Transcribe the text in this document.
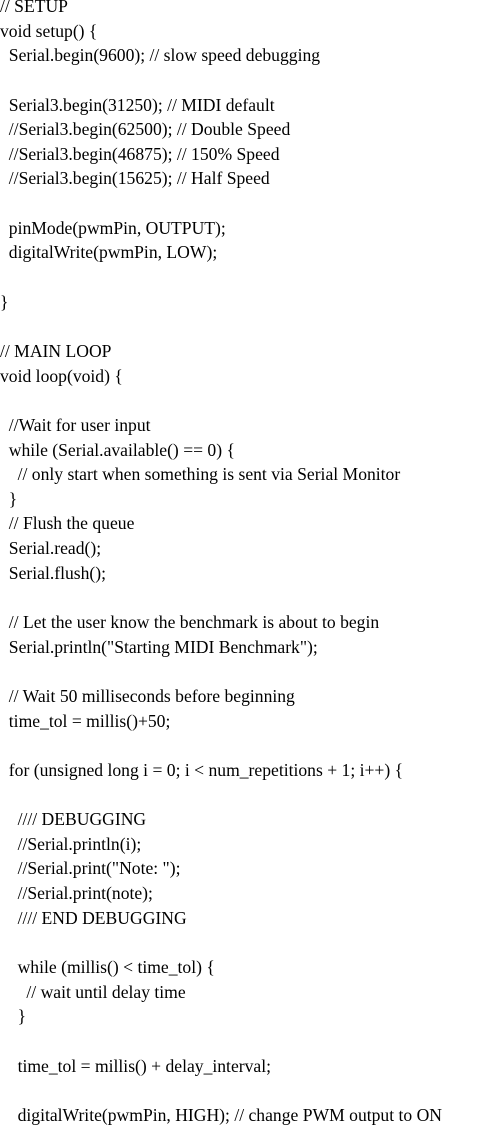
// SETUP
void setup() {
Serial.begin(9600); // slow speed debugging
Serial3.begin(31250); // MIDI default
//Serial3.begin(62500); // Double Speed
//Serial3.begin(46875); // 150% Speed
//Serial3.begin(15625); // Half Speed
pinMode(pwmPin, OUTPUT);
digitalWrite(pwmPin, LOW);
}
// MAIN LOOP
void loop(void) {
//Wait for user input
while (Serial.available() == 0) {
// only start when something is sent via Serial Monitor
}
// Flush the queue
Serial.read();
Serial.flush();
// Let the user know the benchmark is about to begin
Serial.println("Starting MIDI Benchmark");
// Wait 50 milliseconds before beginning
time_tol = millis()+50;
for (unsigned long i = 0; i < num_repetitions + 1; i++) {
//// DEBUGGING
//Serial.println(i);
//Serial.print("Note: ");
//Serial.print(note);
//// END DEBUGGING
while (millis() < time_tol) {
// wait until delay time
}
time_tol = millis() + delay_interval;
digitalWrite(pwmPin, HIGH); // change PWM output to ON
